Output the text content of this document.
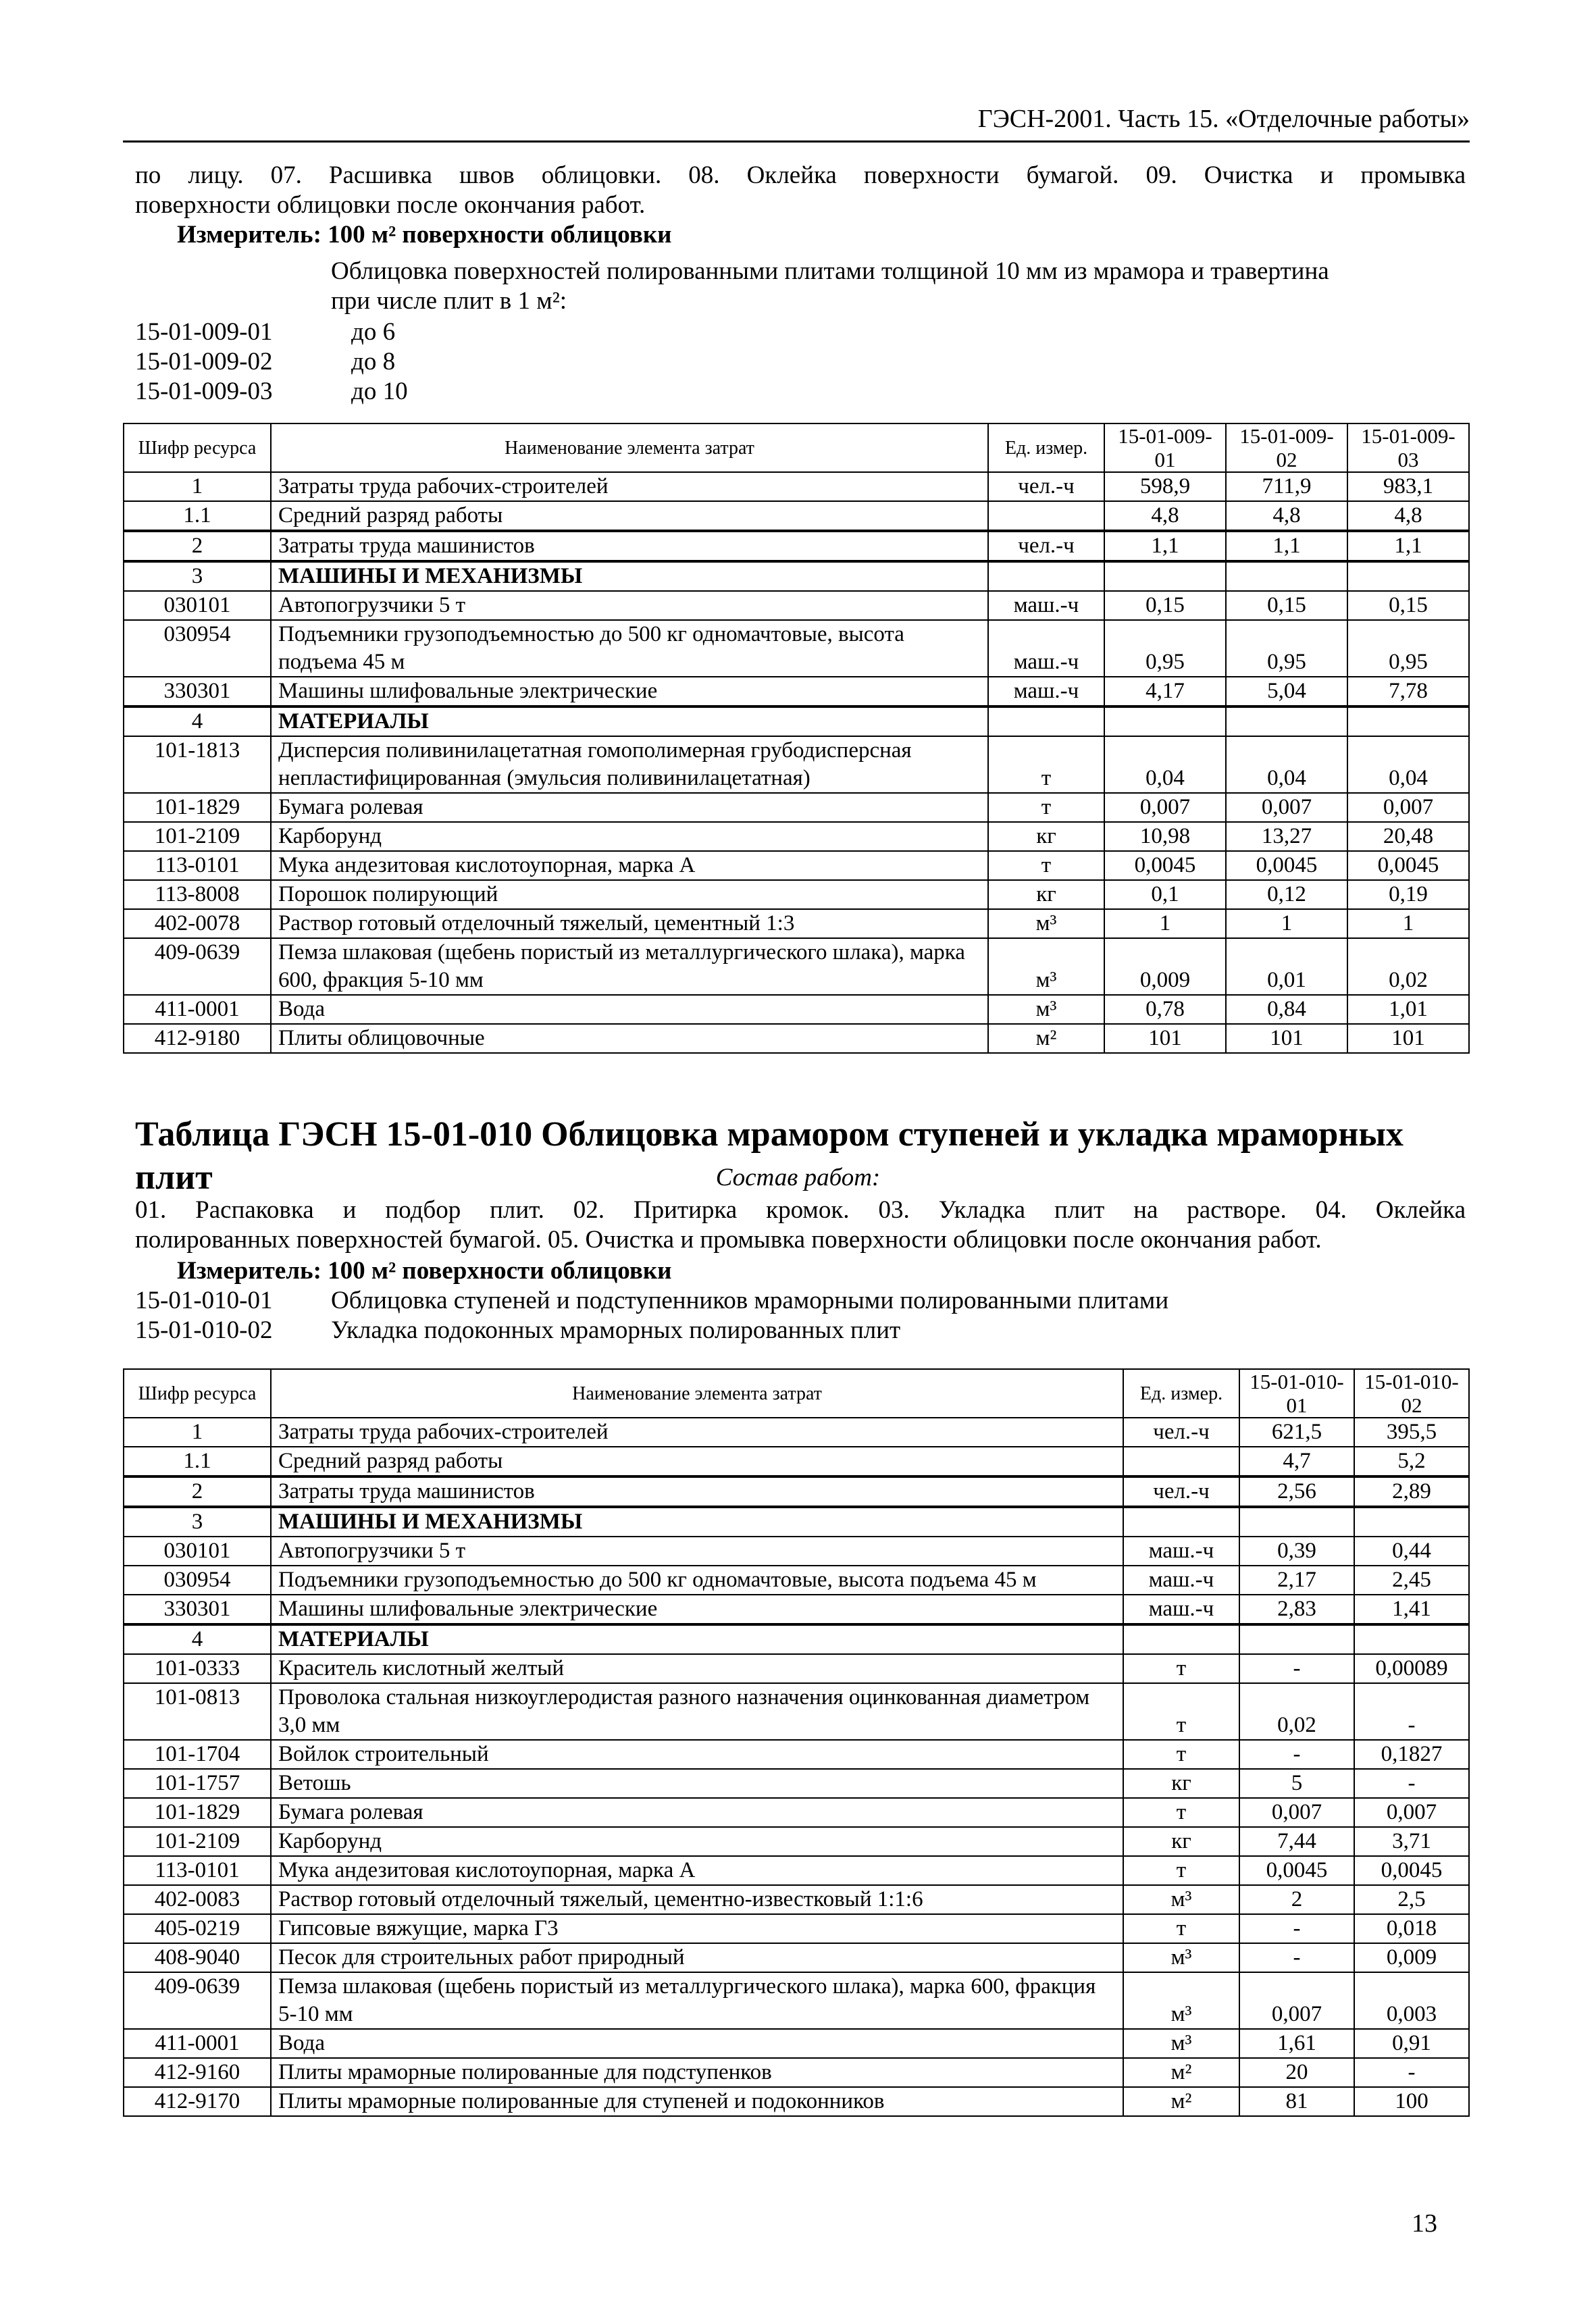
ГЭСН-2001. Часть 15. «Отделочные работы»
по лицу. 07. Расшивка швов облицовки. 08. Оклейка поверхности бумагой. 09. Очистка и промывка
поверхности облицовки после окончания работ.
Измеритель: 100 м² поверхности облицовки
Облицовка поверхностей полированными плитами толщиной 10 мм из мрамора и травертина
при числе плит в 1 м²:
15-01-009-01	до 6
15-01-009-02	до 8
15-01-009-03	до 10
Шифр ресурса	Наименование элемента затрат	Ед. измер.	15-01-009-01	15-01-009-02	15-01-009-03
1	Затраты труда рабочих-строителей	чел.-ч	598,9	711,9	983,1
1.1	Средний разряд работы		4,8	4,8	4,8
2	Затраты труда машинистов	чел.-ч	1,1	1,1	1,1
3	МАШИНЫ И МЕХАНИЗМЫ				
030101	Автопогрузчики 5 т	маш.-ч	0,15	0,15	0,15
030954	Подъемники грузоподъемностью до 500 кг одномачтовые, высота подъема 45 м	маш.-ч	0,95	0,95	0,95
330301	Машины шлифовальные электрические	маш.-ч	4,17	5,04	7,78
4	МАТЕРИАЛЫ				
101-1813	Дисперсия поливинилацетатная гомополимерная грубодисперсная непластифицированная (эмульсия поливинилацетатная)	т	0,04	0,04	0,04
101-1829	Бумага ролевая	т	0,007	0,007	0,007
101-2109	Карборунд	кг	10,98	13,27	20,48
113-0101	Мука андезитовая кислотоупорная, марка А	т	0,0045	0,0045	0,0045
113-8008	Порошок полирующий	кг	0,1	0,12	0,19
402-0078	Раствор готовый отделочный тяжелый, цементный 1:3	м³	1	1	1
409-0639	Пемза шлаковая (щебень пористый из металлургического шлака), марка 600, фракция 5-10 мм	м³	0,009	0,01	0,02
411-0001	Вода	м³	0,78	0,84	1,01
412-9180	Плиты облицовочные	м²	101	101	101
Таблица ГЭСН 15-01-010 Облицовка мрамором ступеней и укладка мраморных плит	Состав работ:
01. Распаковка и подбор плит. 02. Притирка кромок. 03. Укладка плит на растворе. 04. Оклейка
полированных поверхностей бумагой. 05. Очистка и промывка поверхности облицовки после окончания работ.
Измеритель: 100 м² поверхности облицовки
15-01-010-01 Облицовка ступеней и подступенников мраморными полированными плитами
15-01-010-02 Укладка подоконных мраморных полированных плит
Шифр ресурса	Наименование элемента затрат	Ед. измер.	15-01-010-01	15-01-010-02
1	Затраты труда рабочих-строителей	чел.-ч	621,5	395,5
1.1	Средний разряд работы		4,7	5,2
2	Затраты труда машинистов	чел.-ч	2,56	2,89
3	МАШИНЫ И МЕХАНИЗМЫ			
030101	Автопогрузчики 5 т	маш.-ч	0,39	0,44
030954	Подъемники грузоподъемностью до 500 кг одномачтовые, высота подъема 45 м	маш.-ч	2,17	2,45
330301	Машины шлифовальные электрические	маш.-ч	2,83	1,41
4	МАТЕРИАЛЫ			
101-0333	Краситель кислотный желтый	т	-	0,00089
101-0813	Проволока стальная низкоуглеродистая разного назначения оцинкованная диаметром 3,0 мм	т	0,02	-
101-1704	Войлок строительный	т	-	0,1827
101-1757	Ветошь	кг	5	-
101-1829	Бумага ролевая	т	0,007	0,007
101-2109	Карборунд	кг	7,44	3,71
113-0101	Мука андезитовая кислотоупорная, марка А	т	0,0045	0,0045
402-0083	Раствор готовый отделочный тяжелый, цементно-известковый 1:1:6	м³	2	2,5
405-0219	Гипсовые вяжущие, марка Г3	т	-	0,018
408-9040	Песок для строительных работ природный	м³	-	0,009
409-0639	Пемза шлаковая (щебень пористый из металлургического шлака), марка 600, фракция 5-10 мм	м³	0,007	0,003
411-0001	Вода	м³	1,61	0,91
412-9160	Плиты мраморные полированные для подступенков	м²	20	-
412-9170	Плиты мраморные полированные для ступеней и подоконников	м²	81	100
13
